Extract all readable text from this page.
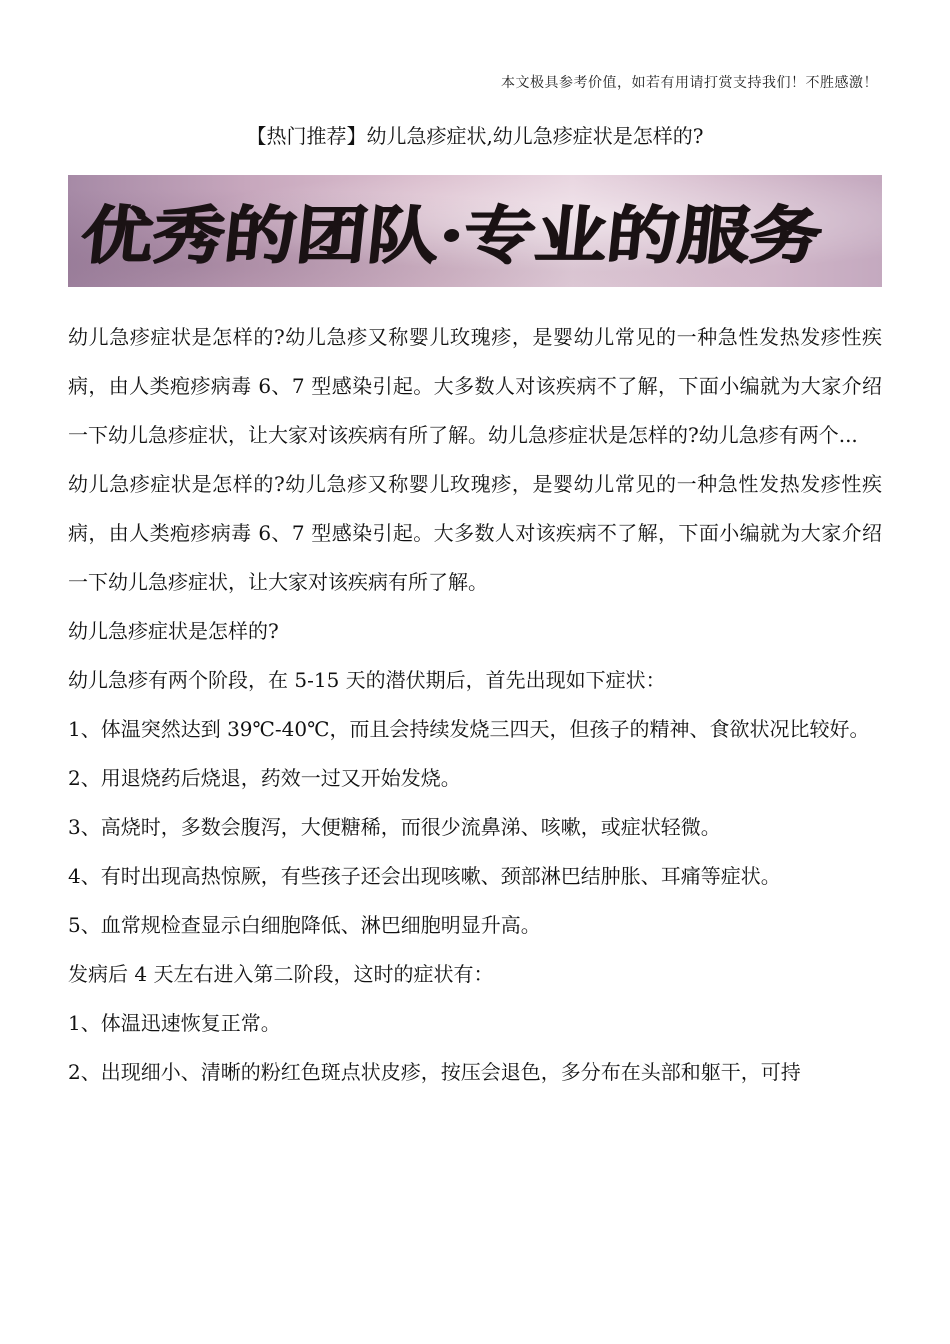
本文极具参考价值，如若有用请打赏支持我们！不胜感激！
【热门推荐】幼儿急疹症状,幼儿急疹症状是怎样的?
优秀的团队·专业的服务

幼儿急疹症状是怎样的?幼儿急疹又称婴儿玫瑰疹，是婴幼儿常见的一种急性发热发疹性疾病，由人类疱疹病毒 6、7 型感染引起。大多数人对该疾病不了解，下面小编就为大家介绍一下幼儿急疹症状，让大家对该疾病有所了解。幼儿急疹症状是怎样的?幼儿急疹有两个...

幼儿急疹症状是怎样的?幼儿急疹又称婴儿玫瑰疹，是婴幼儿常见的一种急性发热发疹性疾病，由人类疱疹病毒 6、7 型感染引起。大多数人对该疾病不了解，下面小编就为大家介绍一下幼儿急疹症状，让大家对该疾病有所了解。

幼儿急疹症状是怎样的?

幼儿急疹有两个阶段，在 5-15 天的潜伏期后，首先出现如下症状：

1、体温突然达到 39℃-40℃，而且会持续发烧三四天，但孩子的精神、食欲状况比较好。

2、用退烧药后烧退，药效一过又开始发烧。

3、高烧时，多数会腹泻，大便糖稀，而很少流鼻涕、咳嗽，或症状轻微。

4、有时出现高热惊厥，有些孩子还会出现咳嗽、颈部淋巴结肿胀、耳痛等症状。

5、血常规检查显示白细胞降低、淋巴细胞明显升高。

发病后 4 天左右进入第二阶段，这时的症状有：

1、体温迅速恢复正常。

2、出现细小、清晰的粉红色斑点状皮疹，按压会退色，多分布在头部和躯干，可持
